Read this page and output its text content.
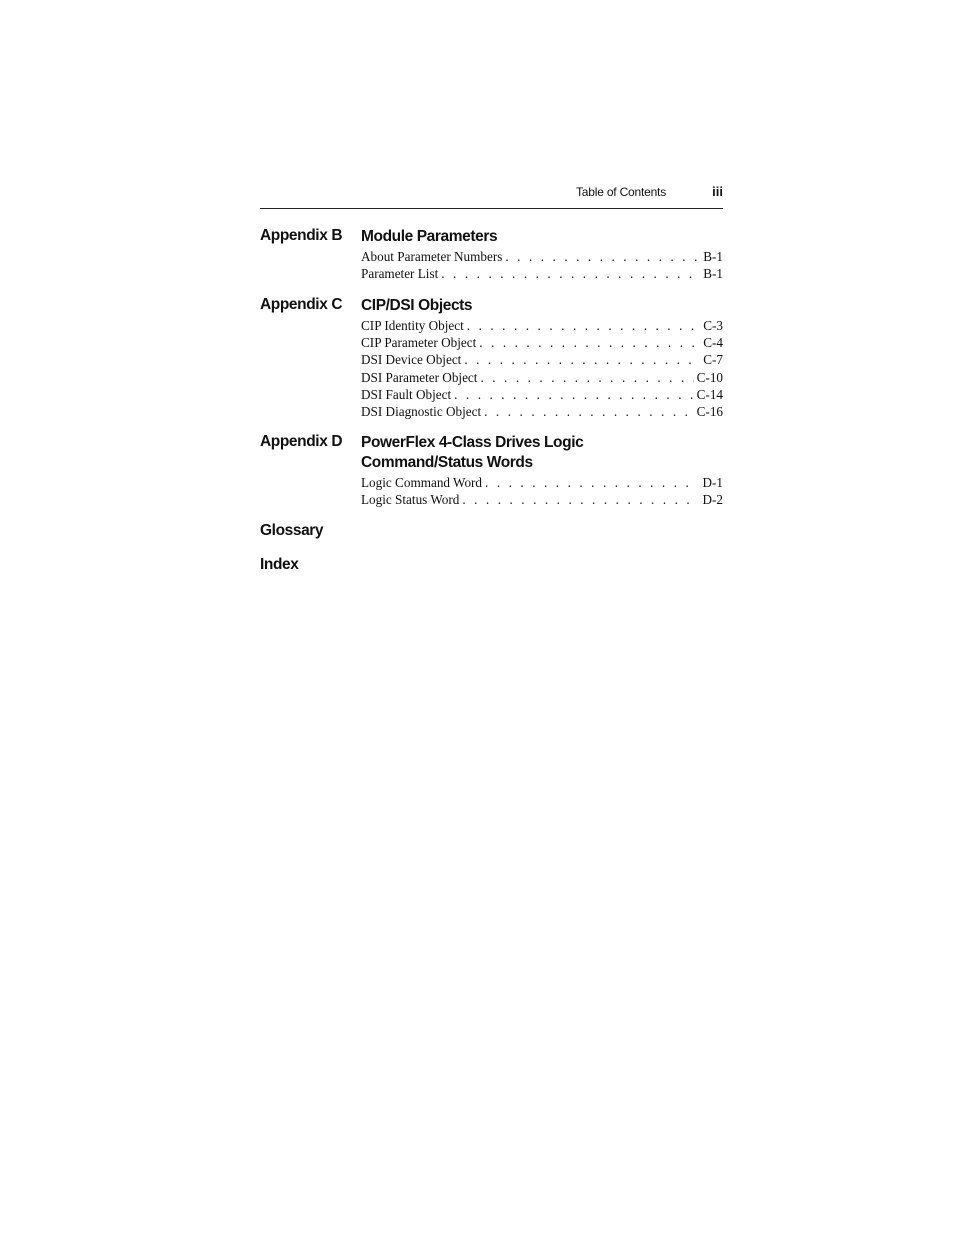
Table of Contents	iii
Appendix B Module Parameters
About Parameter Numbers . . .	B-1
Parameter List . . .	B-1
Appendix C CIP/DSI Objects
CIP Identity Object . . .	C-3
CIP Parameter Object . . .	C-4
DSI Device Object . . .	C-7
DSI Parameter Object . . .	C-10
DSI Fault Object . . .	C-14
DSI Diagnostic Object . . .	C-16
Appendix D PowerFlex 4-Class Drives Logic Command/Status Words
Logic Command Word . . .	D-1
Logic Status Word . . .	D-2
Glossary
Index
